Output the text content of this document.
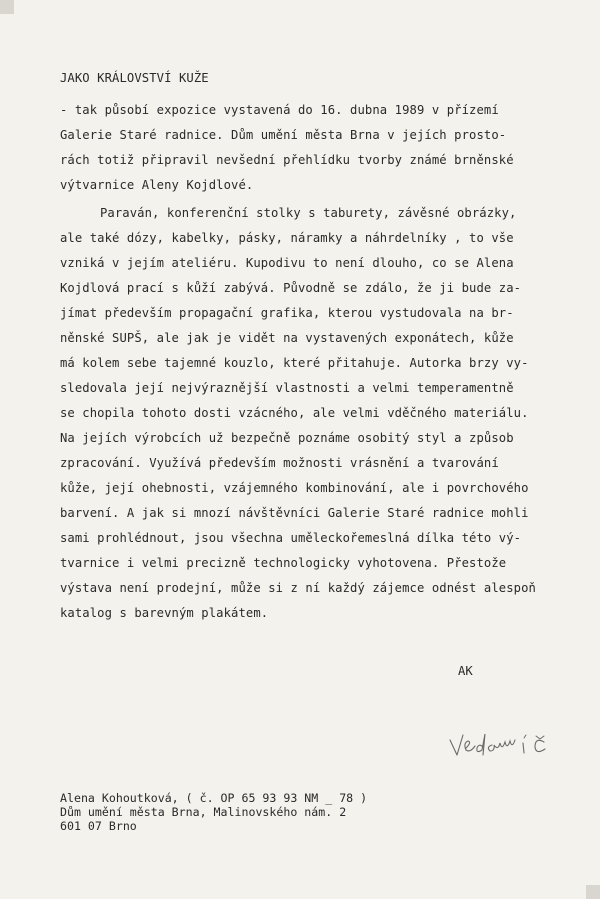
JAKO KRÁLOVSTVÍ KUŽE
- tak působí expozice vystavená do 16. dubna 1989 v přízemí
Galerie Staré radnice. Dům umění města Brna v jejích prosto-
rách totiž připravil nevšední přehlídku tvorby známé brněnské
výtvarnice Aleny Kojdlové.
Paraván, konferenční stolky s taburety, závěsné obrázky,
ale také dózy, kabelky, pásky, náramky a náhrdelníky , to vše
vzniká v jejím ateliéru. Kupodivu to není dlouho, co se Alena
Kojdlová prací s kůží zabývá. Původně se zdálo, že ji bude za-
jímat především propagační grafika, kterou vystudovala na br-
něnské SUPŠ, ale jak je vidět na vystavených exponátech, kůže
má kolem sebe tajemné kouzlo, které přitahuje. Autorka brzy vy-
sledovala její nejvýraznější vlastnosti a velmi temperamentně
se chopila tohoto dosti vzácného, ale velmi vděčného materiálu.
Na jejích výrobcích už bezpečně poznáme osobitý styl a způsob
zpracování. Využívá především možnosti vrásnění a tvarování
kůže, její ohebnosti, vzájemného kombinování, ale i povrchového
barvení. A jak si mnozí návštěvníci Galerie Staré radnice mohli
sami prohlédnout, jsou všechna uměleckořemeslná dílka této vý-
tvarnice i velmi precizně technologicky vyhotovena. Přestože
výstava není prodejní, může si z ní každý zájemce odnést alespoň
katalog s barevným plakátem.
AK
Alena Kohoutková, ( č. OP 65 93 93 NM _ 78 )
Dům umění města Brna, Malinovského nám. 2
601 07 Brno
